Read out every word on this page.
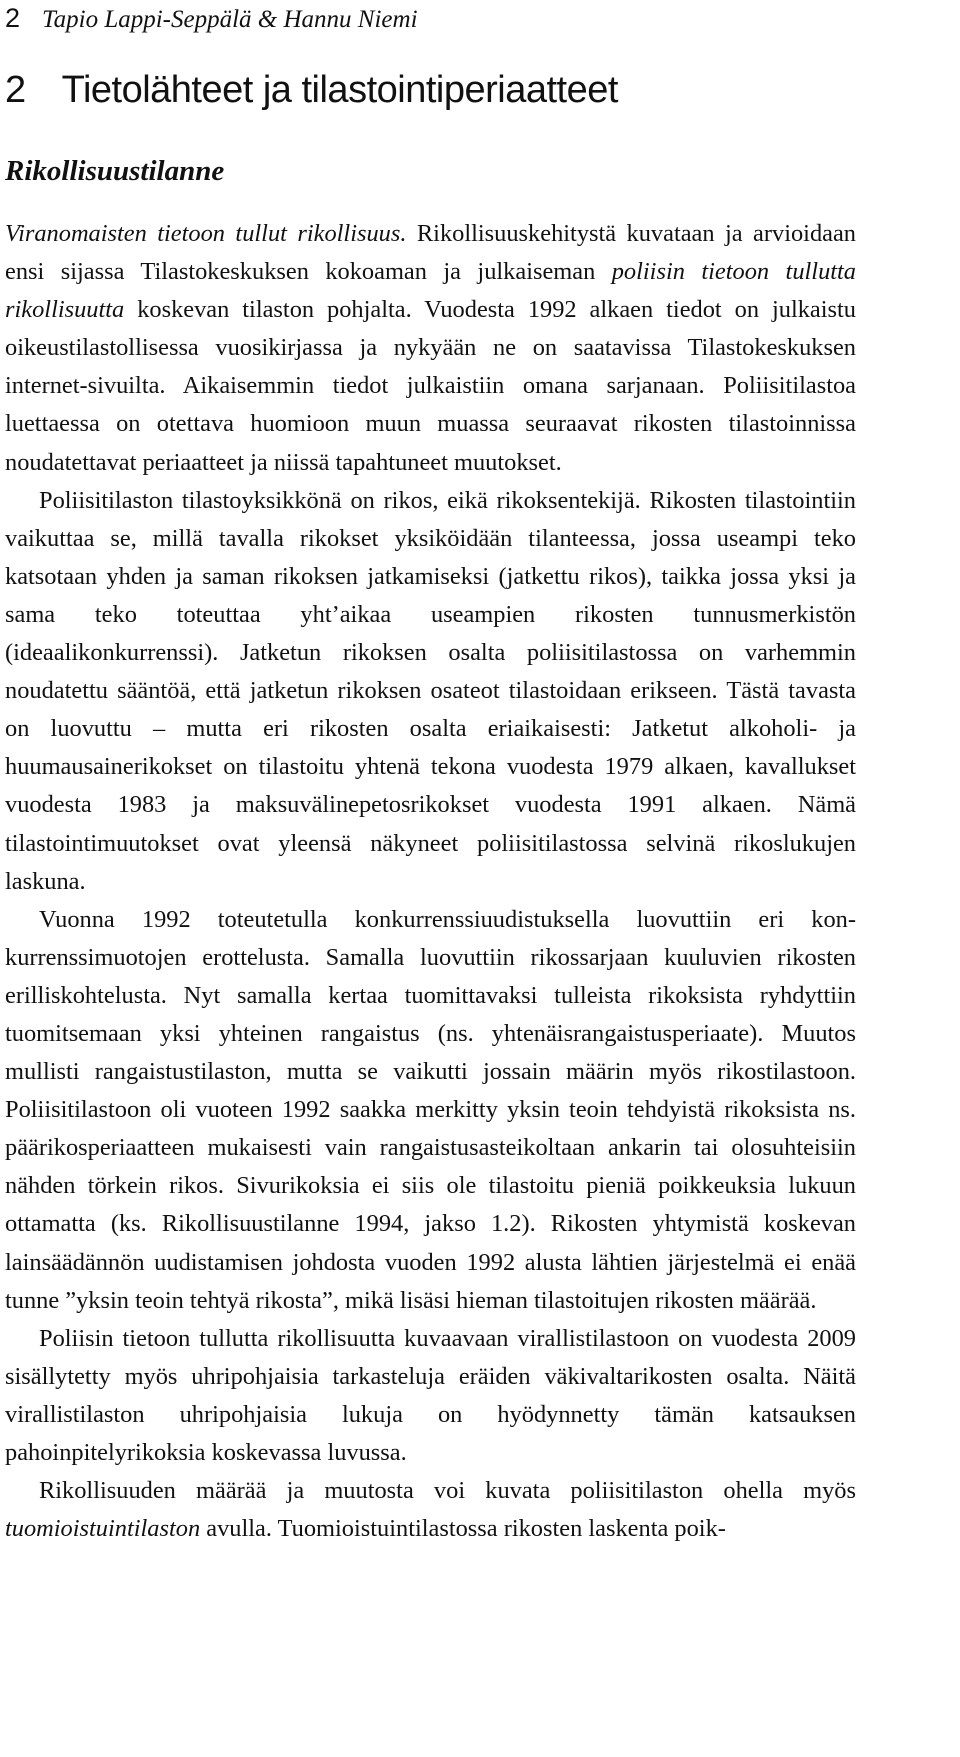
2 Tapio Lappi-Seppälä & Hannu Niemi
2 Tietolähteet ja tilastointiperiaatteet
Rikollisuustilanne

Viranomaisten tietoon tullut rikollisuus. Rikollisuuskehitystä kuvataan ja arvioidaan ensi sijassa Tilastokeskuksen kokoaman ja julkaiseman poliisin tietoon tullutta rikollisuutta koskevan tilaston pohjalta. Vuodesta 1992 alkaen tiedot on julkaistu oikeustilastollisessa vuosikirjassa ja nykyään ne on saatavissa Tilastokeskuksen internet-sivuilta. Aikaisemmin tiedot julkaistiin omana sarjanaan. Poliisitilastoa luettaessa on otettava huomioon muun muassa seuraavat rikosten tilastoinnissa noudatettavat periaatteet ja niissä tapahtuneet muutokset.

Poliisitilaston tilastoyksikkönä on rikos, eikä rikoksentekijä. Rikosten tilastointiin vaikuttaa se, millä tavalla rikokset yksiköidään tilanteessa, jossa useampi teko katsotaan yhden ja saman rikoksen jatkamiseksi (jatkettu rikos), taikka jossa yksi ja sama teko toteuttaa yht’aikaa useampien rikosten tunnusmerkistön (ideaalikonkurrenssi). Jatketun rikoksen osalta poliisitilastossa on varhemmin noudatettu sääntöä, että jatketun rikoksen osateot tilastoidaan erikseen. Tästä tavasta on luovuttu – mutta eri rikosten osalta eriaikaisesti: Jatketut alkoholi- ja huumausainerikokset on tilastoitu yhtenä tekona vuodesta 1979 alkaen, kavallukset vuodesta 1983 ja maksuvälinepetosrikokset vuodesta 1991 alkaen. Nämä tilastointimuutokset ovat yleensä näkyneet poliisitilastossa selvinä rikoslukujen laskuna.

Vuonna 1992 toteutetulla konkurrenssiuudistuksella luovuttiin eri konkurrenssimuotojen erottelusta. Samalla luovuttiin rikossarjaan kuuluvien rikosten erilliskohtelusta. Nyt samalla kertaa tuomittavaksi tulleista rikoksista ryhdyttiin tuomitsemaan yksi yhteinen rangaistus (ns. yhtenäisrangaistusperiaate). Muutos mullisti rangaistustilaston, mutta se vaikutti jossain määrin myös rikostilastoon. Poliisitilastoon oli vuoteen 1992 saakka merkitty yksin teoin tehdyistä rikoksista ns. päärikosperiaatteen mukaisesti vain rangaistusasteikoltaan ankarin tai olosuhteisiin nähden törkein rikos. Sivurikoksia ei siis ole tilastoitu pieniä poikkeuksia lukuun ottamatta (ks. Rikollisuustilanne 1994, jakso 1.2). Rikosten yhtymistä koskevan lainsäädännön uudistamisen johdosta vuoden 1992 alusta lähtien järjestelmä ei enää tunne ”yksin teoin tehtyä rikosta”, mikä lisäsi hieman tilastoitujen rikosten määrää.

Poliisin tietoon tullutta rikollisuutta kuvaavaan virallistilastoon on vuodesta 2009 sisällytetty myös uhripohjaisia tarkasteluja eräiden väkivaltarikosten osalta. Näitä virallistilaston uhripohjaisia lukuja on hyödynnetty tämän katsauksen pahoinpitelyrikoksia koskevassa luvussa.

Rikollisuuden määrää ja muutosta voi kuvata poliisitilaston ohella myös tuomioistuintilaston avulla. Tuomioistuintilastossa rikosten laskenta poik-
